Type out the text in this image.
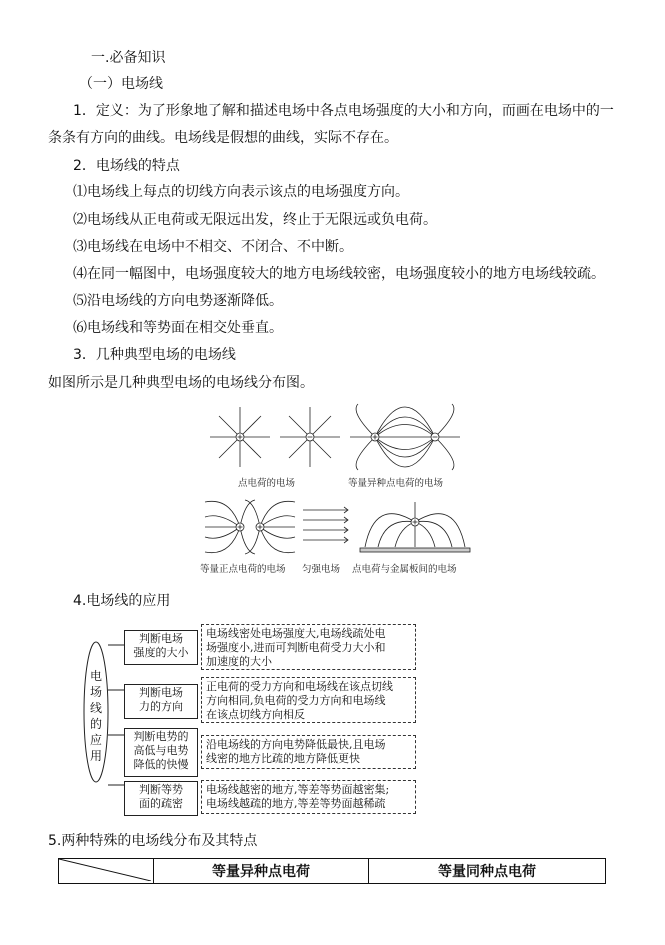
一.必备知识
（一）电场线
1．定义：为了形象地了解和描述电场中各点电场强度的大小和方向，而画在电场中的一
条条有方向的曲线。电场线是假想的曲线，实际不存在。
2．电场线的特点
⑴电场线上每点的切线方向表示该点的电场强度方向。
⑵电场线从正电荷或无限远出发，终止于无限远或负电荷。
⑶电场线在电场中不相交、不闭合、不中断。
⑷在同一幅图中，电场强度较大的地方电场线较密，电场强度较小的地方电场线较疏。
⑸沿电场线的方向电势逐渐降低。
⑹电场线和等势面在相交处垂直。
3．几种典型电场的电场线
如图所示是几种典型电场的电场线分布图。
点电荷的电场	等量异种点电荷的电场
等量正点电荷的电场 匀强电场 点电荷与金属板间的电场
4.电场线的应用
电
场
线
的
应
用
判断电场
强度的大小
电场线密处电场强度大,电场线疏处电
场强度小,进而可判断电荷受力大小和
加速度的大小
判断电场
力的方向
正电荷的受力方向和电场线在该点切线
方向相同,负电荷的受力方向和电场线
在该点切线方向相反
判断电势的
高低与电势
降低的快慢
沿电场线的方向电势降低最快,且电场
线密的地方比疏的地方降低更快
判断等势
面的疏密
电场线越密的地方,等差等势面越密集;
电场线越疏的地方,等差等势面越稀疏
5.两种特殊的电场线分布及其特点
	等量异种点电荷	等量同种点电荷
